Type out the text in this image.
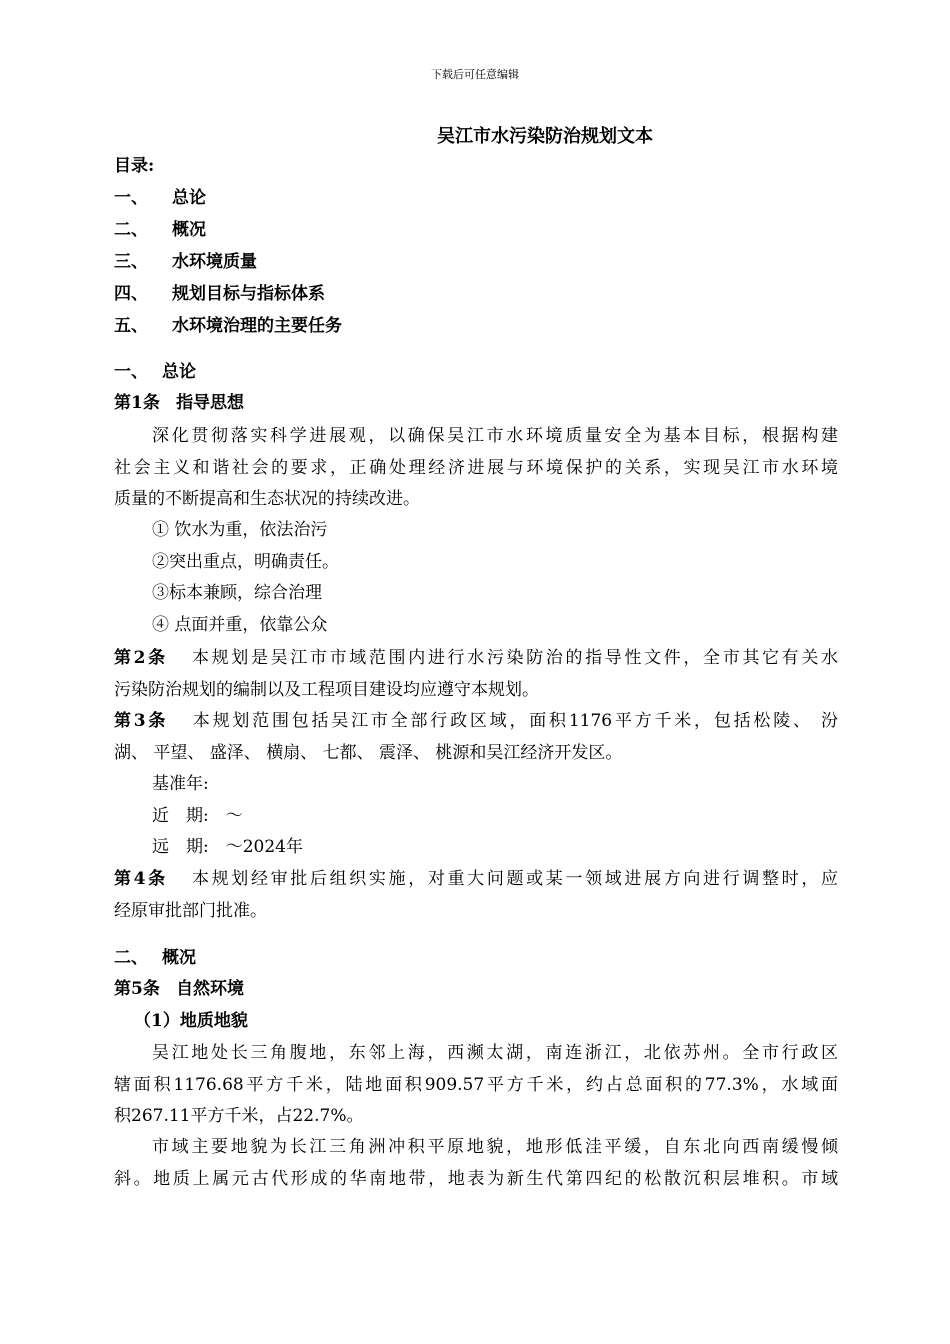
下载后可任意编辑
吴江市水污染防治规划文本
目录:
一、 总论
二、 概况
三、 水环境质量
四、 规划目标与指标体系
五、 水环境治理的主要任务
一、 总论
第1条 指导思想
深化贯彻落实科学进展观，以确保吴江市水环境质量安全为基本目标，根据构建
社会主义和谐社会的要求，正确处理经济进展与环境保护的关系，实现吴江市水环境
质量的不断提高和生态状况的持续改进。
① 饮水为重，依法治污
②突出重点，明确责任。
③标本兼顾，综合治理
④ 点面并重，依靠公众
第2条 本规划是吴江市市域范围内进行水污染防治的指导性文件，全市其它有关水
污染防治规划的编制以及工程项目建设均应遵守本规划。
第3条 本规划范围包括吴江市全部行政区域，面积1176平方千米，包括松陵、 汾
湖、 平望、 盛泽、 横扇、 七都、 震泽、 桃源和吴江经济开发区。
基准年:
近　期:　～
远　期:　～2024年
第4条 本规划经审批后组织实施，对重大问题或某一领域进展方向进行调整时，应
经原审批部门批准。
二、 概况
第5条 自然环境
（1）地质地貌
吴江地处长三角腹地，东邻上海，西濒太湖，南连浙江，北依苏州。全市行政区
辖面积1176.68平方千米，陆地面积909.57平方千米，约占总面积的77.3%，水域面
积267.11平方千米，占22.7%。
市域主要地貌为长江三角洲冲积平原地貌，地形低洼平缓，自东北向西南缓慢倾
斜。地质上属元古代形成的华南地带，地表为新生代第四纪的松散沉积层堆积。市域
